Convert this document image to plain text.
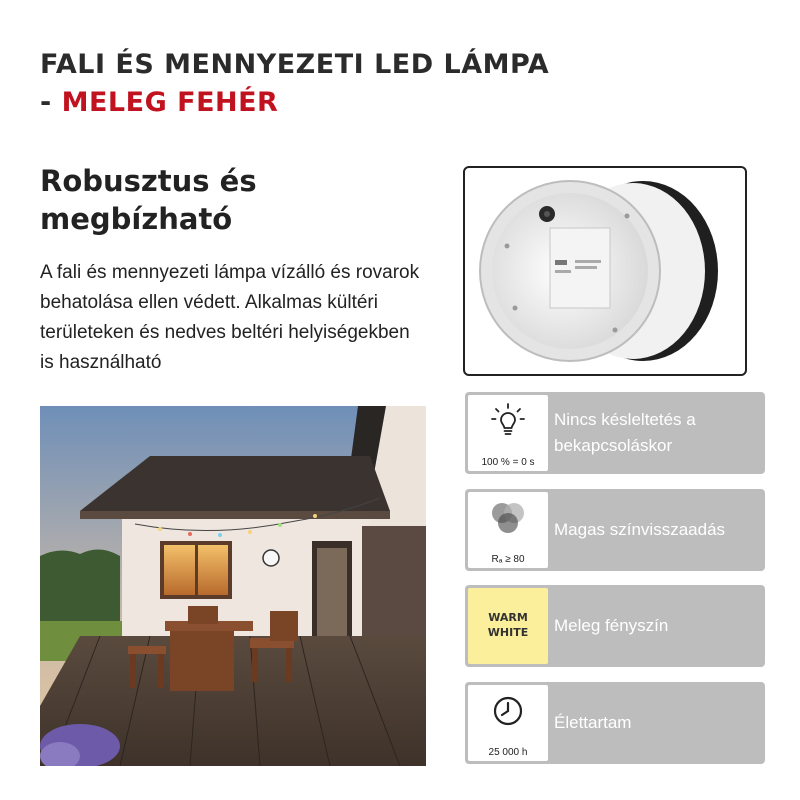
FALI ÉS MENNYEZETI LED LÁMPA
- MELEG FEHÉR
Robusztus és megbízható
A fali és mennyezeti lámpa vízálló és rovarok behatolása ellen védett. Alkalmas kültéri területeken és nedves beltéri helyiségekben is használható
100 % = 0 s
Nincs késleltetés a bekapcsoláskor
Rₐ ≥ 80
Magas színvisszaadás
WARM
WHITE	Meleg fényszín
25 000 h
Élettartam
